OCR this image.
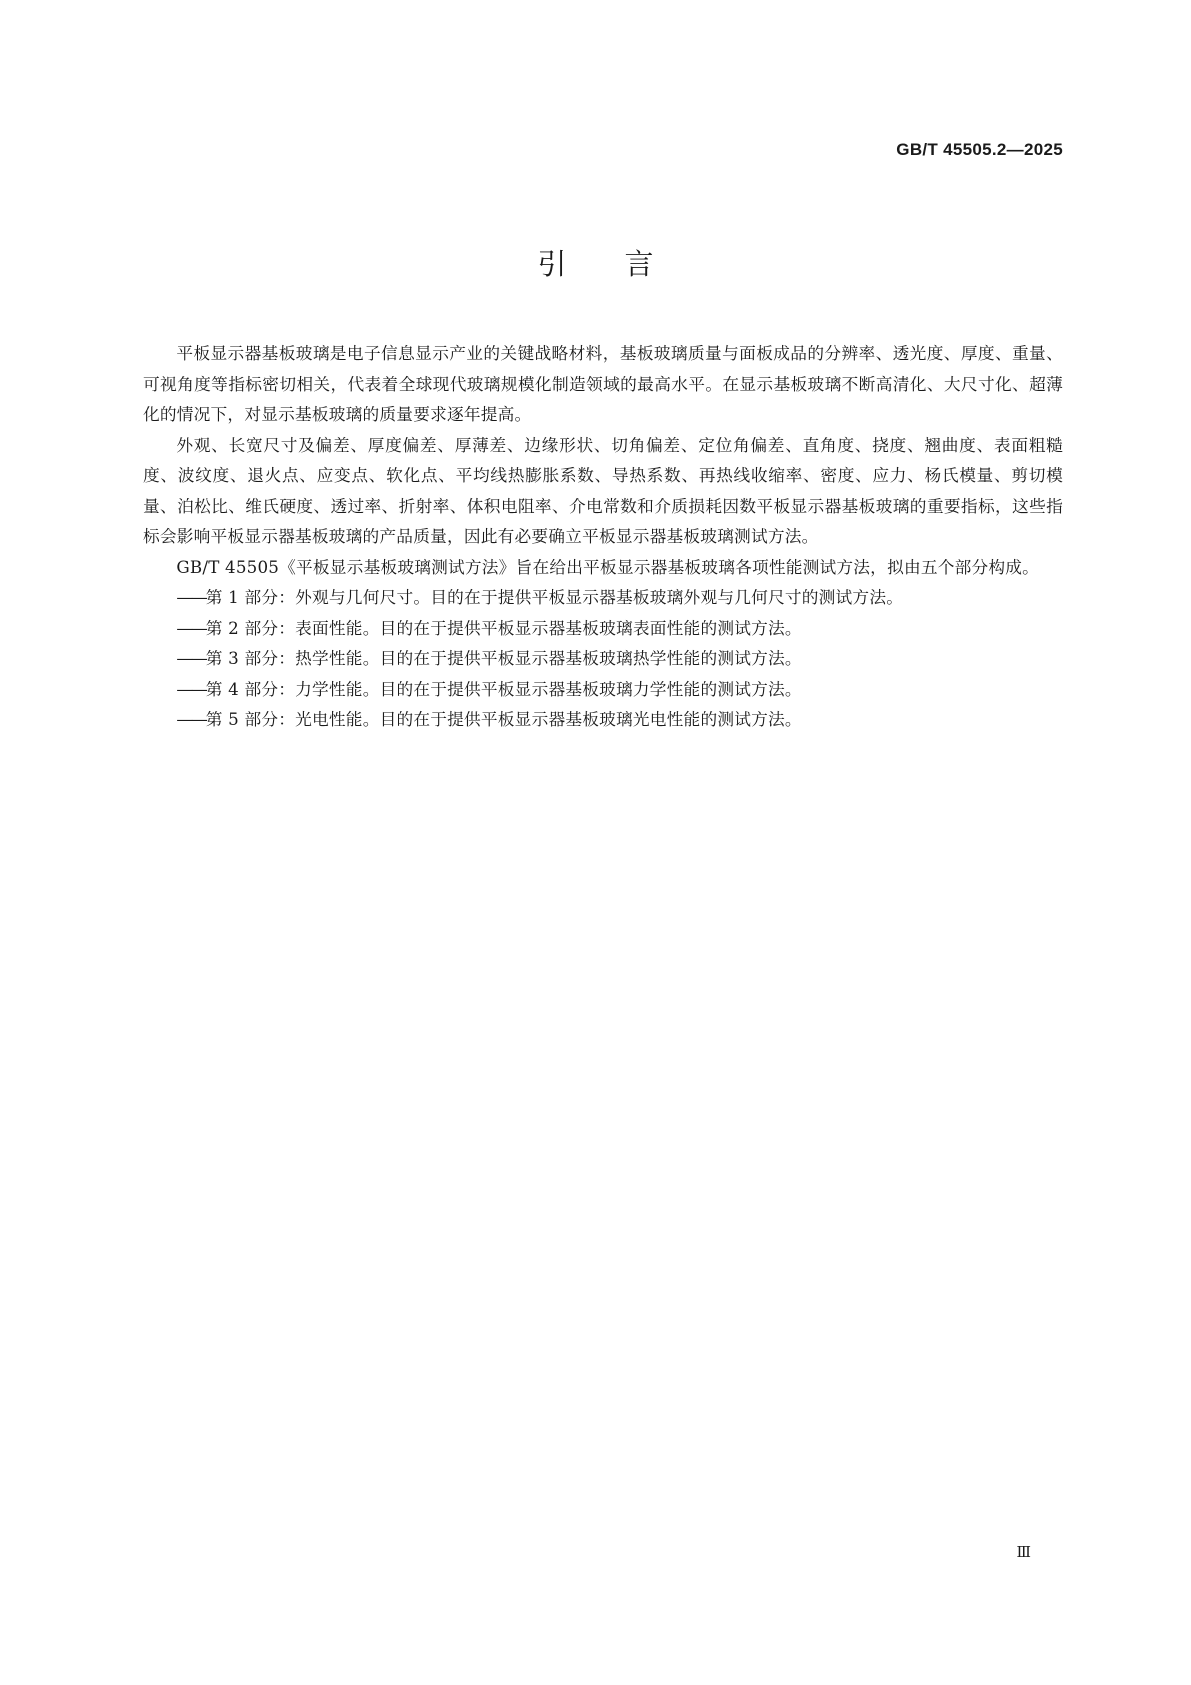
GB/T 45505.2—2025
引言

平板显示器基板玻璃是电子信息显示产业的关键战略材料，基板玻璃质量与面板成品的分辨率、透光度、厚度、重量、可视角度等指标密切相关，代表着全球现代玻璃规模化制造领域的最高水平。在显示基板玻璃不断高清化、大尺寸化、超薄化的情况下，对显示基板玻璃的质量要求逐年提高。

外观、长宽尺寸及偏差、厚度偏差、厚薄差、边缘形状、切角偏差、定位角偏差、直角度、挠度、翘曲度、表面粗糙度、波纹度、退火点、应变点、软化点、平均线热膨胀系数、导热系数、再热线收缩率、密度、应力、杨氏模量、剪切模量、泊松比、维氏硬度、透过率、折射率、体积电阻率、介电常数和介质损耗因数平板显示器基板玻璃的重要指标，这些指标会影响平板显示器基板玻璃的产品质量，因此有必要确立平板显示器基板玻璃测试方法。

GB/T 45505《平板显示基板玻璃测试方法》旨在给出平板显示器基板玻璃各项性能测试方法，拟由五个部分构成。

——第 1 部分：外观与几何尺寸。目的在于提供平板显示器基板玻璃外观与几何尺寸的测试方法。
——第 2 部分：表面性能。目的在于提供平板显示器基板玻璃表面性能的测试方法。
——第 3 部分：热学性能。目的在于提供平板显示器基板玻璃热学性能的测试方法。
——第 4 部分：力学性能。目的在于提供平板显示器基板玻璃力学性能的测试方法。
——第 5 部分：光电性能。目的在于提供平板显示器基板玻璃光电性能的测试方法。
Ⅲ
